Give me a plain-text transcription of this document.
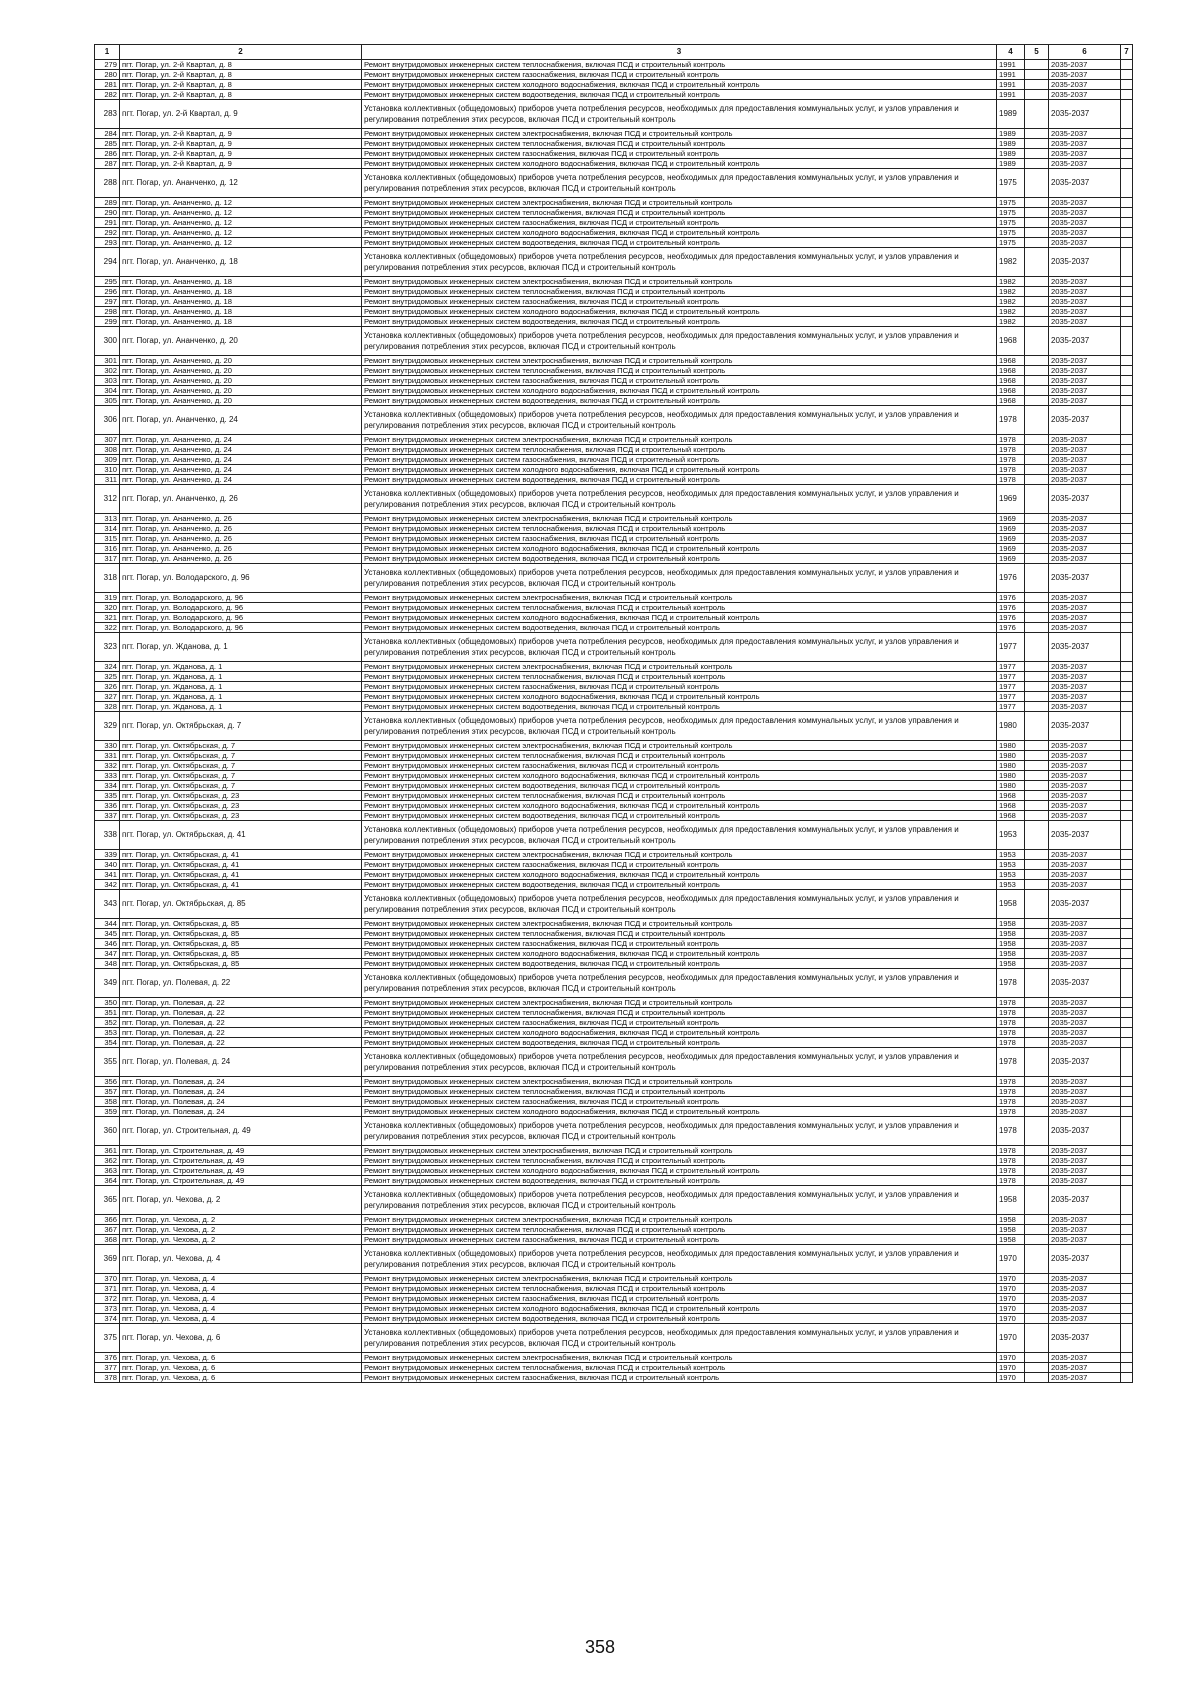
1	2	3	4	5	6	7
279	пгт. Погар, ул. 2-й Квартал, д. 8	Ремонт внутридомовых инженерных систем теплоснабжения, включая ПСД и строительный контроль	1991		2035-2037	
280	пгт. Погар, ул. 2-й Квартал, д. 8	Ремонт внутридомовых инженерных систем газоснабжения, включая ПСД и строительный контроль	1991		2035-2037	
281	пгт. Погар, ул. 2-й Квартал, д. 8	Ремонт внутридомовых инженерных систем холодного водоснабжения, включая ПСД и строительный контроль	1991		2035-2037	
282	пгт. Погар, ул. 2-й Квартал, д. 8	Ремонт внутридомовых инженерных систем водоотведения, включая ПСД и строительный контроль	1991		2035-2037	
283	пгт. Погар, ул. 2-й Квартал, д. 9	Установка коллективных (общедомовых) приборов учета потребления ресурсов, необходимых для предоставления коммунальных услуг, и узлов управления и регулирования потребления этих ресурсов, включая ПСД и строительный контроль	1989		2035-2037	
284	пгт. Погар, ул. 2-й Квартал, д. 9	Ремонт внутридомовых инженерных систем электроснабжения, включая ПСД и строительный контроль	1989		2035-2037	
285	пгт. Погар, ул. 2-й Квартал, д. 9	Ремонт внутридомовых инженерных систем теплоснабжения, включая ПСД и строительный контроль	1989		2035-2037	
286	пгт. Погар, ул. 2-й Квартал, д. 9	Ремонт внутридомовых инженерных систем газоснабжения, включая ПСД и строительный контроль	1989		2035-2037	
287	пгт. Погар, ул. 2-й Квартал, д. 9	Ремонт внутридомовых инженерных систем холодного водоснабжения, включая ПСД и строительный контроль	1989		2035-2037	
288	пгт. Погар, ул. Ананченко, д. 12	Установка коллективных (общедомовых) приборов учета потребления ресурсов, необходимых для предоставления коммунальных услуг, и узлов управления и регулирования потребления этих ресурсов, включая ПСД и строительный контроль	1975		2035-2037	
289	пгт. Погар, ул. Ананченко, д. 12	Ремонт внутридомовых инженерных систем электроснабжения, включая ПСД и строительный контроль	1975		2035-2037	
290	пгт. Погар, ул. Ананченко, д. 12	Ремонт внутридомовых инженерных систем теплоснабжения, включая ПСД и строительный контроль	1975		2035-2037	
291	пгт. Погар, ул. Ананченко, д. 12	Ремонт внутридомовых инженерных систем газоснабжения, включая ПСД и строительный контроль	1975		2035-2037	
292	пгт. Погар, ул. Ананченко, д. 12	Ремонт внутридомовых инженерных систем холодного водоснабжения, включая ПСД и строительный контроль	1975		2035-2037	
293	пгт. Погар, ул. Ананченко, д. 12	Ремонт внутридомовых инженерных систем водоотведения, включая ПСД и строительный контроль	1975		2035-2037	
294	пгт. Погар, ул. Ананченко, д. 18	Установка коллективных (общедомовых) приборов учета потребления ресурсов, необходимых для предоставления коммунальных услуг, и узлов управления и регулирования потребления этих ресурсов, включая ПСД и строительный контроль	1982		2035-2037	
295	пгт. Погар, ул. Ананченко, д. 18	Ремонт внутридомовых инженерных систем электроснабжения, включая ПСД и строительный контроль	1982		2035-2037	
296	пгт. Погар, ул. Ананченко, д. 18	Ремонт внутридомовых инженерных систем теплоснабжения, включая ПСД и строительный контроль	1982		2035-2037	
297	пгт. Погар, ул. Ананченко, д. 18	Ремонт внутридомовых инженерных систем газоснабжения, включая ПСД и строительный контроль	1982		2035-2037	
298	пгт. Погар, ул. Ананченко, д. 18	Ремонт внутридомовых инженерных систем холодного водоснабжения, включая ПСД и строительный контроль	1982		2035-2037	
299	пгт. Погар, ул. Ананченко, д. 18	Ремонт внутридомовых инженерных систем водоотведения, включая ПСД и строительный контроль	1982		2035-2037	
300	пгт. Погар, ул. Ананченко, д. 20	Установка коллективных (общедомовых) приборов учета потребления ресурсов, необходимых для предоставления коммунальных услуг, и узлов управления и регулирования потребления этих ресурсов, включая ПСД и строительный контроль	1968		2035-2037	
301	пгт. Погар, ул. Ананченко, д. 20	Ремонт внутридомовых инженерных систем электроснабжения, включая ПСД и строительный контроль	1968		2035-2037	
302	пгт. Погар, ул. Ананченко, д. 20	Ремонт внутридомовых инженерных систем теплоснабжения, включая ПСД и строительный контроль	1968		2035-2037	
303	пгт. Погар, ул. Ананченко, д. 20	Ремонт внутридомовых инженерных систем газоснабжения, включая ПСД и строительный контроль	1968		2035-2037	
304	пгт. Погар, ул. Ананченко, д. 20	Ремонт внутридомовых инженерных систем холодного водоснабжения, включая ПСД и строительный контроль	1968		2035-2037	
305	пгт. Погар, ул. Ананченко, д. 20	Ремонт внутридомовых инженерных систем водоотведения, включая ПСД и строительный контроль	1968		2035-2037	
306	пгт. Погар, ул. Ананченко, д. 24	Установка коллективных (общедомовых) приборов учета потребления ресурсов, необходимых для предоставления коммунальных услуг, и узлов управления и регулирования потребления этих ресурсов, включая ПСД и строительный контроль	1978		2035-2037	
307	пгт. Погар, ул. Ананченко, д. 24	Ремонт внутридомовых инженерных систем электроснабжения, включая ПСД и строительный контроль	1978		2035-2037	
308	пгт. Погар, ул. Ананченко, д. 24	Ремонт внутридомовых инженерных систем теплоснабжения, включая ПСД и строительный контроль	1978		2035-2037	
309	пгт. Погар, ул. Ананченко, д. 24	Ремонт внутридомовых инженерных систем газоснабжения, включая ПСД и строительный контроль	1978		2035-2037	
310	пгт. Погар, ул. Ананченко, д. 24	Ремонт внутридомовых инженерных систем холодного водоснабжения, включая ПСД и строительный контроль	1978		2035-2037	
311	пгт. Погар, ул. Ананченко, д. 24	Ремонт внутридомовых инженерных систем водоотведения, включая ПСД и строительный контроль	1978		2035-2037	
312	пгт. Погар, ул. Ананченко, д. 26	Установка коллективных (общедомовых) приборов учета потребления ресурсов, необходимых для предоставления коммунальных услуг, и узлов управления и регулирования потребления этих ресурсов, включая ПСД и строительный контроль	1969		2035-2037	
313	пгт. Погар, ул. Ананченко, д. 26	Ремонт внутридомовых инженерных систем электроснабжения, включая ПСД и строительный контроль	1969		2035-2037	
314	пгт. Погар, ул. Ананченко, д. 26	Ремонт внутридомовых инженерных систем теплоснабжения, включая ПСД и строительный контроль	1969		2035-2037	
315	пгт. Погар, ул. Ананченко, д. 26	Ремонт внутридомовых инженерных систем газоснабжения, включая ПСД и строительный контроль	1969		2035-2037	
316	пгт. Погар, ул. Ананченко, д. 26	Ремонт внутридомовых инженерных систем холодного водоснабжения, включая ПСД и строительный контроль	1969		2035-2037	
317	пгт. Погар, ул. Ананченко, д. 26	Ремонт внутридомовых инженерных систем водоотведения, включая ПСД и строительный контроль	1969		2035-2037	
318	пгт. Погар, ул. Володарского, д. 96	Установка коллективных (общедомовых) приборов учета потребления ресурсов, необходимых для предоставления коммунальных услуг, и узлов управления и регулирования потребления этих ресурсов, включая ПСД и строительный контроль	1976		2035-2037	
319	пгт. Погар, ул. Володарского, д. 96	Ремонт внутридомовых инженерных систем электроснабжения, включая ПСД и строительный контроль	1976		2035-2037	
320	пгт. Погар, ул. Володарского, д. 96	Ремонт внутридомовых инженерных систем теплоснабжения, включая ПСД и строительный контроль	1976		2035-2037	
321	пгт. Погар, ул. Володарского, д. 96	Ремонт внутридомовых инженерных систем холодного водоснабжения, включая ПСД и строительный контроль	1976		2035-2037	
322	пгт. Погар, ул. Володарского, д. 96	Ремонт внутридомовых инженерных систем водоотведения, включая ПСД и строительный контроль	1976		2035-2037	
323	пгт. Погар, ул. Жданова, д. 1	Установка коллективных (общедомовых) приборов учета потребления ресурсов, необходимых для предоставления коммунальных услуг, и узлов управления и регулирования потребления этих ресурсов, включая ПСД и строительный контроль	1977		2035-2037	
324	пгт. Погар, ул. Жданова, д. 1	Ремонт внутридомовых инженерных систем электроснабжения, включая ПСД и строительный контроль	1977		2035-2037	
325	пгт. Погар, ул. Жданова, д. 1	Ремонт внутридомовых инженерных систем теплоснабжения, включая ПСД и строительный контроль	1977		2035-2037	
326	пгт. Погар, ул. Жданова, д. 1	Ремонт внутридомовых инженерных систем газоснабжения, включая ПСД и строительный контроль	1977		2035-2037	
327	пгт. Погар, ул. Жданова, д. 1	Ремонт внутридомовых инженерных систем холодного водоснабжения, включая ПСД и строительный контроль	1977		2035-2037	
328	пгт. Погар, ул. Жданова, д. 1	Ремонт внутридомовых инженерных систем водоотведения, включая ПСД и строительный контроль	1977		2035-2037	
329	пгт. Погар, ул. Октябрьская, д. 7	Установка коллективных (общедомовых) приборов учета потребления ресурсов, необходимых для предоставления коммунальных услуг, и узлов управления и регулирования потребления этих ресурсов, включая ПСД и строительный контроль	1980		2035-2037	
330	пгт. Погар, ул. Октябрьская, д. 7	Ремонт внутридомовых инженерных систем электроснабжения, включая ПСД и строительный контроль	1980		2035-2037	
331	пгт. Погар, ул. Октябрьская, д. 7	Ремонт внутридомовых инженерных систем теплоснабжения, включая ПСД и строительный контроль	1980		2035-2037	
332	пгт. Погар, ул. Октябрьская, д. 7	Ремонт внутридомовых инженерных систем газоснабжения, включая ПСД и строительный контроль	1980		2035-2037	
333	пгт. Погар, ул. Октябрьская, д. 7	Ремонт внутридомовых инженерных систем холодного водоснабжения, включая ПСД и строительный контроль	1980		2035-2037	
334	пгт. Погар, ул. Октябрьская, д. 7	Ремонт внутридомовых инженерных систем водоотведения, включая ПСД и строительный контроль	1980		2035-2037	
335	пгт. Погар, ул. Октябрьская, д. 23	Ремонт внутридомовых инженерных систем теплоснабжения, включая ПСД и строительный контроль	1968		2035-2037	
336	пгт. Погар, ул. Октябрьская, д. 23	Ремонт внутридомовых инженерных систем холодного водоснабжения, включая ПСД и строительный контроль	1968		2035-2037	
337	пгт. Погар, ул. Октябрьская, д. 23	Ремонт внутридомовых инженерных систем водоотведения, включая ПСД и строительный контроль	1968		2035-2037	
338	пгт. Погар, ул. Октябрьская, д. 41	Установка коллективных (общедомовых) приборов учета потребления ресурсов, необходимых для предоставления коммунальных услуг, и узлов управления и регулирования потребления этих ресурсов, включая ПСД и строительный контроль	1953		2035-2037	
339	пгт. Погар, ул. Октябрьская, д. 41	Ремонт внутридомовых инженерных систем электроснабжения, включая ПСД и строительный контроль	1953		2035-2037	
340	пгт. Погар, ул. Октябрьская, д. 41	Ремонт внутридомовых инженерных систем газоснабжения, включая ПСД и строительный контроль	1953		2035-2037	
341	пгт. Погар, ул. Октябрьская, д. 41	Ремонт внутридомовых инженерных систем холодного водоснабжения, включая ПСД и строительный контроль	1953		2035-2037	
342	пгт. Погар, ул. Октябрьская, д. 41	Ремонт внутридомовых инженерных систем водоотведения, включая ПСД и строительный контроль	1953		2035-2037	
343	пгт. Погар, ул. Октябрьская, д. 85	Установка коллективных (общедомовых) приборов учета потребления ресурсов, необходимых для предоставления коммунальных услуг, и узлов управления и регулирования потребления этих ресурсов, включая ПСД и строительный контроль	1958		2035-2037	
344	пгт. Погар, ул. Октябрьская, д. 85	Ремонт внутридомовых инженерных систем электроснабжения, включая ПСД и строительный контроль	1958		2035-2037	
345	пгт. Погар, ул. Октябрьская, д. 85	Ремонт внутридомовых инженерных систем теплоснабжения, включая ПСД и строительный контроль	1958		2035-2037	
346	пгт. Погар, ул. Октябрьская, д. 85	Ремонт внутридомовых инженерных систем газоснабжения, включая ПСД и строительный контроль	1958		2035-2037	
347	пгт. Погар, ул. Октябрьская, д. 85	Ремонт внутридомовых инженерных систем холодного водоснабжения, включая ПСД и строительный контроль	1958		2035-2037	
348	пгт. Погар, ул. Октябрьская, д. 85	Ремонт внутридомовых инженерных систем водоотведения, включая ПСД и строительный контроль	1958		2035-2037	
349	пгт. Погар, ул. Полевая, д. 22	Установка коллективных (общедомовых) приборов учета потребления ресурсов, необходимых для предоставления коммунальных услуг, и узлов управления и регулирования потребления этих ресурсов, включая ПСД и строительный контроль	1978		2035-2037	
350	пгт. Погар, ул. Полевая, д. 22	Ремонт внутридомовых инженерных систем электроснабжения, включая ПСД и строительный контроль	1978		2035-2037	
351	пгт. Погар, ул. Полевая, д. 22	Ремонт внутридомовых инженерных систем теплоснабжения, включая ПСД и строительный контроль	1978		2035-2037	
352	пгт. Погар, ул. Полевая, д. 22	Ремонт внутридомовых инженерных систем газоснабжения, включая ПСД и строительный контроль	1978		2035-2037	
353	пгт. Погар, ул. Полевая, д. 22	Ремонт внутридомовых инженерных систем холодного водоснабжения, включая ПСД и строительный контроль	1978		2035-2037	
354	пгт. Погар, ул. Полевая, д. 22	Ремонт внутридомовых инженерных систем водоотведения, включая ПСД и строительный контроль	1978		2035-2037	
355	пгт. Погар, ул. Полевая, д. 24	Установка коллективных (общедомовых) приборов учета потребления ресурсов, необходимых для предоставления коммунальных услуг, и узлов управления и регулирования потребления этих ресурсов, включая ПСД и строительный контроль	1978		2035-2037	
356	пгт. Погар, ул. Полевая, д. 24	Ремонт внутридомовых инженерных систем электроснабжения, включая ПСД и строительный контроль	1978		2035-2037	
357	пгт. Погар, ул. Полевая, д. 24	Ремонт внутридомовых инженерных систем теплоснабжения, включая ПСД и строительный контроль	1978		2035-2037	
358	пгт. Погар, ул. Полевая, д. 24	Ремонт внутридомовых инженерных систем газоснабжения, включая ПСД и строительный контроль	1978		2035-2037	
359	пгт. Погар, ул. Полевая, д. 24	Ремонт внутридомовых инженерных систем холодного водоснабжения, включая ПСД и строительный контроль	1978		2035-2037	
360	пгт. Погар, ул. Строительная, д. 49	Установка коллективных (общедомовых) приборов учета потребления ресурсов, необходимых для предоставления коммунальных услуг, и узлов управления и регулирования потребления этих ресурсов, включая ПСД и строительный контроль	1978		2035-2037	
361	пгт. Погар, ул. Строительная, д. 49	Ремонт внутридомовых инженерных систем электроснабжения, включая ПСД и строительный контроль	1978		2035-2037	
362	пгт. Погар, ул. Строительная, д. 49	Ремонт внутридомовых инженерных систем теплоснабжения, включая ПСД и строительный контроль	1978		2035-2037	
363	пгт. Погар, ул. Строительная, д. 49	Ремонт внутридомовых инженерных систем холодного водоснабжения, включая ПСД и строительный контроль	1978		2035-2037	
364	пгт. Погар, ул. Строительная, д. 49	Ремонт внутридомовых инженерных систем водоотведения, включая ПСД и строительный контроль	1978		2035-2037	
365	пгт. Погар, ул. Чехова, д. 2	Установка коллективных (общедомовых) приборов учета потребления ресурсов, необходимых для предоставления коммунальных услуг, и узлов управления и регулирования потребления этих ресурсов, включая ПСД и строительный контроль	1958		2035-2037	
366	пгт. Погар, ул. Чехова, д. 2	Ремонт внутридомовых инженерных систем электроснабжения, включая ПСД и строительный контроль	1958		2035-2037	
367	пгт. Погар, ул. Чехова, д. 2	Ремонт внутридомовых инженерных систем теплоснабжения, включая ПСД и строительный контроль	1958		2035-2037	
368	пгт. Погар, ул. Чехова, д. 2	Ремонт внутридомовых инженерных систем газоснабжения, включая ПСД и строительный контроль	1958		2035-2037	
369	пгт. Погар, ул. Чехова, д. 4	Установка коллективных (общедомовых) приборов учета потребления ресурсов, необходимых для предоставления коммунальных услуг, и узлов управления и регулирования потребления этих ресурсов, включая ПСД и строительный контроль	1970		2035-2037	
370	пгт. Погар, ул. Чехова, д. 4	Ремонт внутридомовых инженерных систем электроснабжения, включая ПСД и строительный контроль	1970		2035-2037	
371	пгт. Погар, ул. Чехова, д. 4	Ремонт внутридомовых инженерных систем теплоснабжения, включая ПСД и строительный контроль	1970		2035-2037	
372	пгт. Погар, ул. Чехова, д. 4	Ремонт внутридомовых инженерных систем газоснабжения, включая ПСД и строительный контроль	1970		2035-2037	
373	пгт. Погар, ул. Чехова, д. 4	Ремонт внутридомовых инженерных систем холодного водоснабжения, включая ПСД и строительный контроль	1970		2035-2037	
374	пгт. Погар, ул. Чехова, д. 4	Ремонт внутридомовых инженерных систем водоотведения, включая ПСД и строительный контроль	1970		2035-2037	
375	пгт. Погар, ул. Чехова, д. 6	Установка коллективных (общедомовых) приборов учета потребления ресурсов, необходимых для предоставления коммунальных услуг, и узлов управления и регулирования потребления этих ресурсов, включая ПСД и строительный контроль	1970		2035-2037	
376	пгт. Погар, ул. Чехова, д. 6	Ремонт внутридомовых инженерных систем электроснабжения, включая ПСД и строительный контроль	1970		2035-2037	
377	пгт. Погар, ул. Чехова, д. 6	Ремонт внутридомовых инженерных систем теплоснабжения, включая ПСД и строительный контроль	1970		2035-2037	
378	пгт. Погар, ул. Чехова, д. 6	Ремонт внутридомовых инженерных систем газоснабжения, включая ПСД и строительный контроль	1970		2035-2037	
358
